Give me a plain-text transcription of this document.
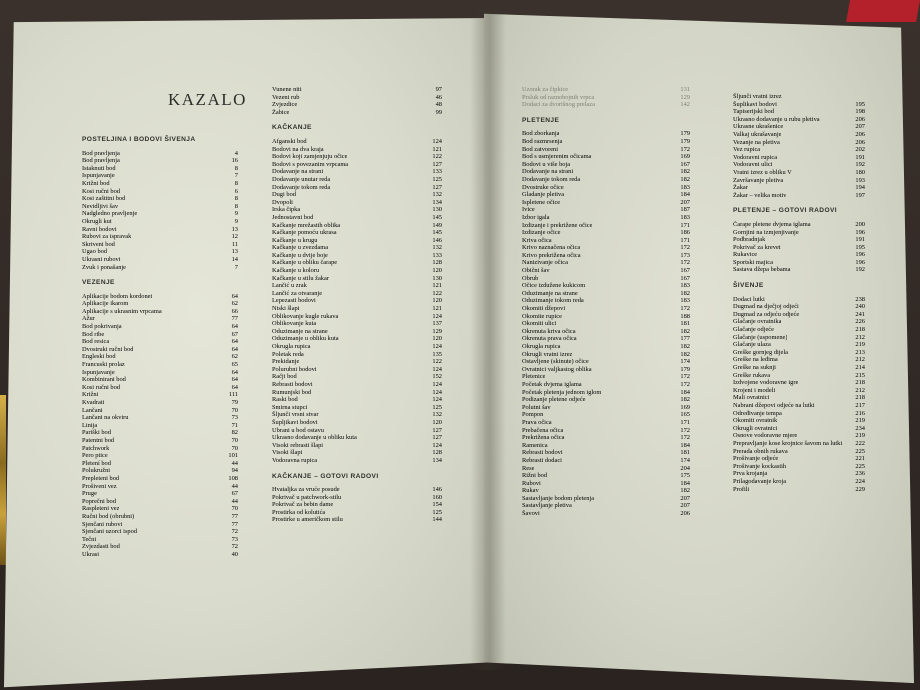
KAZALO
POSTELJINA I BODOVI ŠIVENJA
Bod pravljenja	4
Bod pravljenja	16
Istaknuti bod	8
Ispunjavanje	7
Križni bod	8
Kosi ručni bod	6
Kosi zaštitni bod	8
Nevidljivi šav	8
Nadgledno pravljenje	9
Okrugli kut	9
Ravni bodovi	13
Rubovi za ispravak	12
Skriveni bod	11
Ugao bod	13
Ukrasni rubovi	14
Zvuk i ponašanje	7
VEZENJE
Aplikacije bodom kordonet	64
Aplikacije ikarom	62
Aplikacije s ukrasnim vrpcama	66
Ažur	77
Bod pokrivanja	64
Bod ribe	67
Bod resica	64
Dvostruki ručni bod	64
Engleski bod	62
Francuski prolaz	65
Ispunjavanje	64
Kombinirani bod	64
Kosi ručni bod	64
Križni	111
Kvadrati	79
Lančani	70
Lančani na okviru	73
Linija	71
Pariški bod	82
Patentni bod	70
Patchwork	70
Pero ptice	101
Pletení bod	44
Polukružni	94
Prepleteni bod	108
Prošiveni vez	44
Pruge	67
Poprečni bod	44
Raspleteni vez	70
Ručni bod (obrubni)	77
Sjenčani rubovi	77
Sjenčani uzorci ispod	72
Tečni	73
Zvjezdasti bod	72
Ukrasi	40
Vunene niti	97
Vezeni rub	46
Zvjezdice	48
Žabice	99
KAČKANJE
Afganski bod	124
Bodovi na dva kraja	121
Bodovi koji zamjenjuju očice	122
Bodovi s povezanim vrpcama	127
Dodavanje na strani	133
Dodavanje unutar reda	125
Dodavanje tokom reda	127
Dugi bod	132
Dvopoli	134
Irska čipka	130
Jednostavni bod	145
Kačkanje mrežastih oblika	149
Kačkanje pomoću ukrasa	145
Kačkanje u krugu	146
Kačkanje u zvezdama	132
Kačkanje u dvije boje	133
Kačkanje u obliku čarape	128
Kačkanje u koloru	120
Kačkanje u stilu žakar	130
Lančić u zrak	121
Lančić za otvaranje	122
Lepezasti bodovi	120
Niski šlapi	121
Oblikovanje kugle rukava	124
Oblikovanje kuta	137
Oduzimanje na strane	129
Oduzimanje u obliku kuta	120
Okrugla rupica	124
Poletak reda	135
Prekidanje	122
Polurubni bodovi	124
Račji bod	152
Rebrasti bodovi	124
Rumunjski bod	124
Raski bod	124
Smirna stupci	125
Šljunči vrsni stvar	132
Šupljikavi bodovi	120
Ubrani u bod ostavu	127
Ukrasno dodavanje u obliku kuta	127
Visoki rebrasti šlapi	124
Visoki šlapi	128
Vodoravna rupica	134
KAČKANJE – GOTOVI RADOVI
Hvataljka za vruće posude	146
Pokrivač u patchwork-stilu	160
Pokrivač za bebin dame	154
Prostirka od kolutića	125
Prostirke u američkom stilu	144
Uzorak za čipkice	131
Prsluk od raznobojnih vrpca	129
Dodaci za dvorišnog prelaza	142
PLETENJE
Bod zborkanja	179
Bod razmrsenja	179
Bod zatvoreni	172
Bod s usmjerenim očicama	169
Bodovi u više boja	167
Dodavanje na strani	182
Dodavanje tokom reda	182
Dvostruke očice	183
Gladanje pletiva	184
Ispletene očice	207
Ivice	187
Izbor igala	183
Izdizanje i prekrižene očice	171
Izdizanje očice	186
Kriva očica	171
Krivo naznačena očica	172
Krivo prekrižena očica	173
Nanizivanje očica	172
Obični šav	167
Obrub	167
Očice izdužene kukicom	183
Oduzimanje na strane	182
Oduzimanje tokom reda	183
Okomiti džepovi	172
Okomite rupice	188
Okomiti ulici	181
Okrenuta kriva očica	182
Okrenuta prava očica	177
Okrugla rupica	182
Okrugli vratni izrez	182
Ostavljene (skinute) očice	174
Ovratnici valjkastog oblika	179
Pletenice	172
Početak dvjema iglama	172
Početak pletenja jednom iglom	184
Podizanje pletene odjeće	182
Polutni šav	169
Pompon	165
Prava očica	171
Prebačena očica	172
Prekrižena očica	172
Ramenica	184
Rebrasti bodovi	181
Rebrasti dodaci	174
Rese	204
Rižni bod	175
Rubovi	184
Rukav	182
Sastavljanje bodom pletenja	207
Sastavljanje pletiva	207
Šavovi	206
Šljunči vratni izrez
Šuplikavi bodovi	195
Tapiserijski bod	198
Ukrasno dodavanje u rubu pletiva	206
Ukrasne ukrašenice	207
Valkaj ukrašavanje	206
Vezanje na pletiva	206
Vez rupica	202
Vodoravni rupica	191
Vodoravni ulici	192
Vratni izrez u obliku V	180
Završavanje pletiva	193
Žakar	194
Žakar – velika motiv	197
PLETENJE – GOTOVI RADOVI
Čarape pletene dvjema iglama	200
Gornjini na izmjenjivanje	196
Podbradnjak	191
Pokrivač za krevet	195
Rukavice	196
Sportski majica	196
Sastava džepa bebama	192
ŠIVENJE
Dodaci lutki	238
Dugmad na dječjoj odjeći	240
Dugmad za odjeću odjeće	241
Glačanje ovratnika	226
Glačanje odjeće	218
Glačanje (uspomene)	212
Glačanje ulaza	219
Greške gornjeg dijela	213
Greške na leđima	212
Greške na suknji	214
Greške rukava	215
Izdvojene vodoravne igre	218
Krojeni i modeli	212
Mali ovratnici	218
Nabrani džepovi odjeće na lutki	217
Određivanje tempa	216
Okomiti ovratnik	219
Okrugli ovratnici	234
Osnove vodoravne mjere	219
Prepravljanje kose krojnice šavom na lutki	222
Prerada obnih rukava	225
Prošivanje odjeće	221
Prošivanje kockastih	225
Prva krojanja	236
Prilagodavanje kroja	224
Profili	229
